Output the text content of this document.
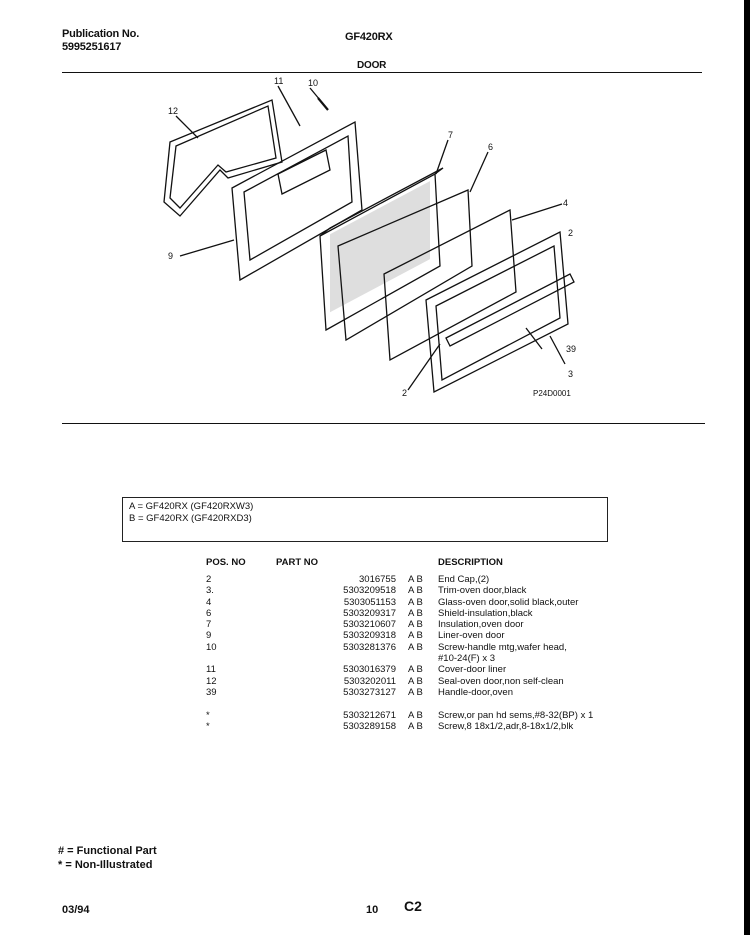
Publication No.
5995251617
GF420RX
DOOR
12
11	10
7
6
4
2
9
39
3
2	P24D0001
A = GF420RX (GF420RXW3)
B = GF420RX (GF420RXD3)
POS. NO	PART NO		DESCRIPTION
2	3016755	A B	End Cap,(2)
3.	5303209518	A B	Trim-oven door,black
4	5303051153	A B	Glass-oven door,solid black,outer
6	5303209317	A B	Shield-insulation,black
7	5303210607	A B	Insulation,oven door
9	5303209318	A B	Liner-oven door
10	5303281376	A B	Screw-handle mtg,wafer head,
			#10-24(F) x 3
11	5303016379	A B	Cover-door liner
12	5303202011	A B	Seal-oven door,non self-clean
39	5303273127	A B	Handle-door,oven

*	5303212671	A B	Screw,or pan hd sems,#8-32(BP) x 1
*	5303289158	A B	Screw,8 18x1/2,adr,8-18x1/2,blk
# = Functional Part
* = Non-Illustrated
03/94	10 C2
